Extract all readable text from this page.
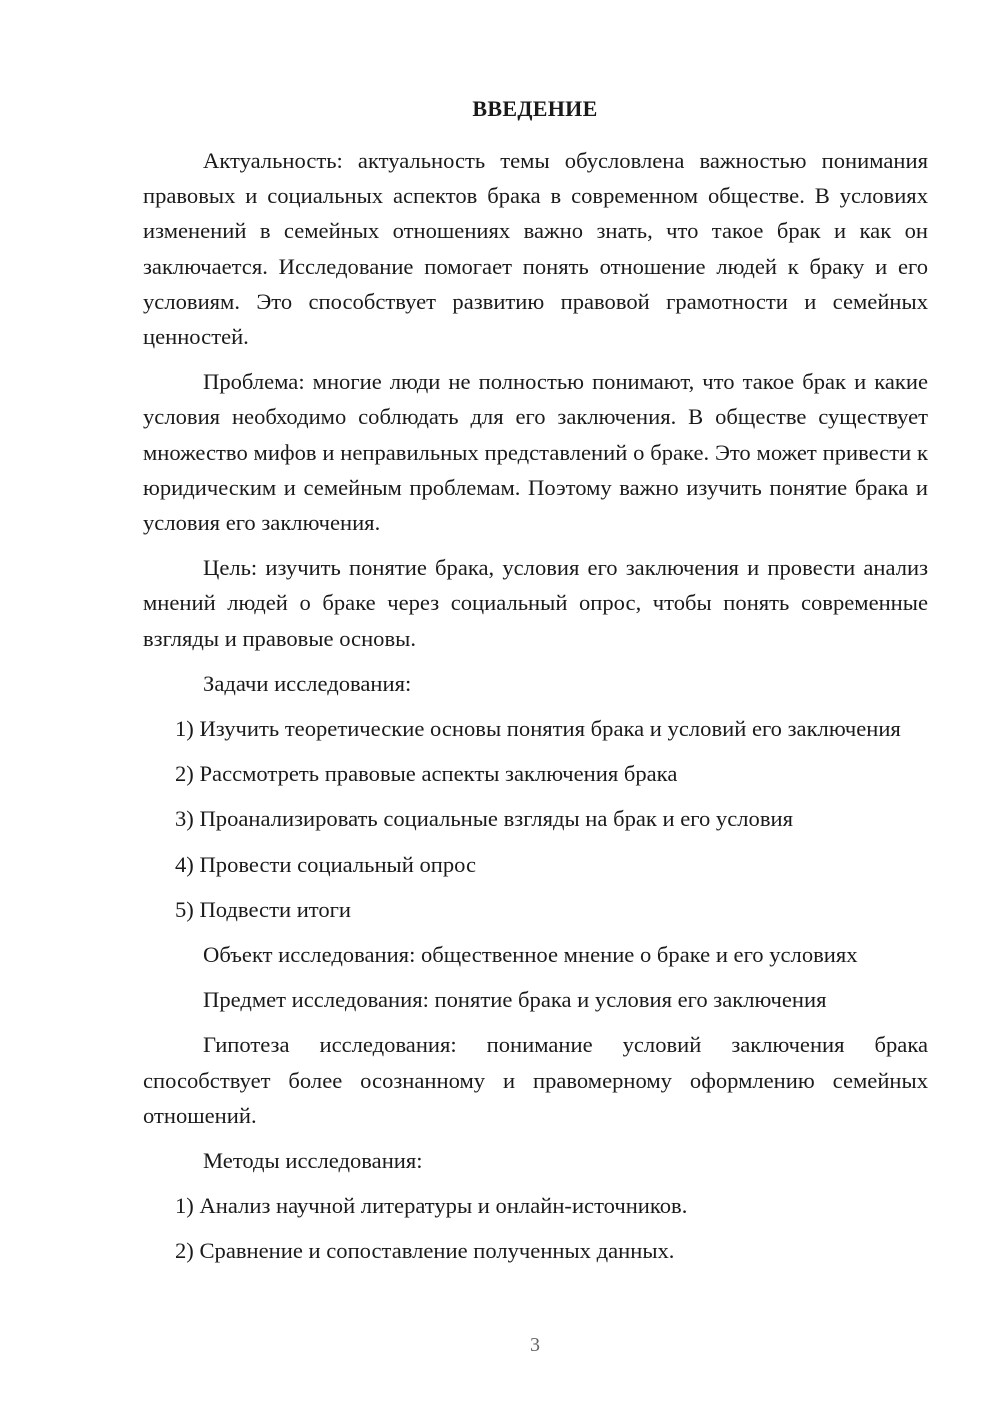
ВВЕДЕНИЕ

Актуальность: актуальность темы обусловлена важностью понимания правовых и социальных аспектов брака в современном обществе. В условиях изменений в семейных отношениях важно знать, что такое брак и как он заключается. Исследование помогает понять отношение людей к браку и его условиям. Это способствует развитию правовой грамотности и семейных ценностей.

Проблема: многие люди не полностью понимают, что такое брак и какие условия необходимо соблюдать для его заключения. В обществе существует множество мифов и неправильных представлений о браке. Это может привести к юридическим и семейным проблемам. Поэтому важно изучить понятие брака и условия его заключения.

Цель: изучить понятие брака, условия его заключения и провести анализ мнений людей о браке через социальный опрос, чтобы понять современные взгляды и правовые основы.

Задачи исследования:

1) Изучить теоретические основы понятия брака и условий его заключения

2) Рассмотреть правовые аспекты заключения брака

3) Проанализировать социальные взгляды на брак и его условия

4) Провести социальный опрос

5) Подвести итоги

Объект исследования: общественное мнение о браке и его условиях

Предмет исследования: понятие брака и условия его заключения

Гипотеза исследования: понимание условий заключения брака способствует более осознанному и правомерному оформлению семейных отношений.

Методы исследования:

1) Анализ научной литературы и онлайн-источников.

2) Сравнение и сопоставление полученных данных.

3
